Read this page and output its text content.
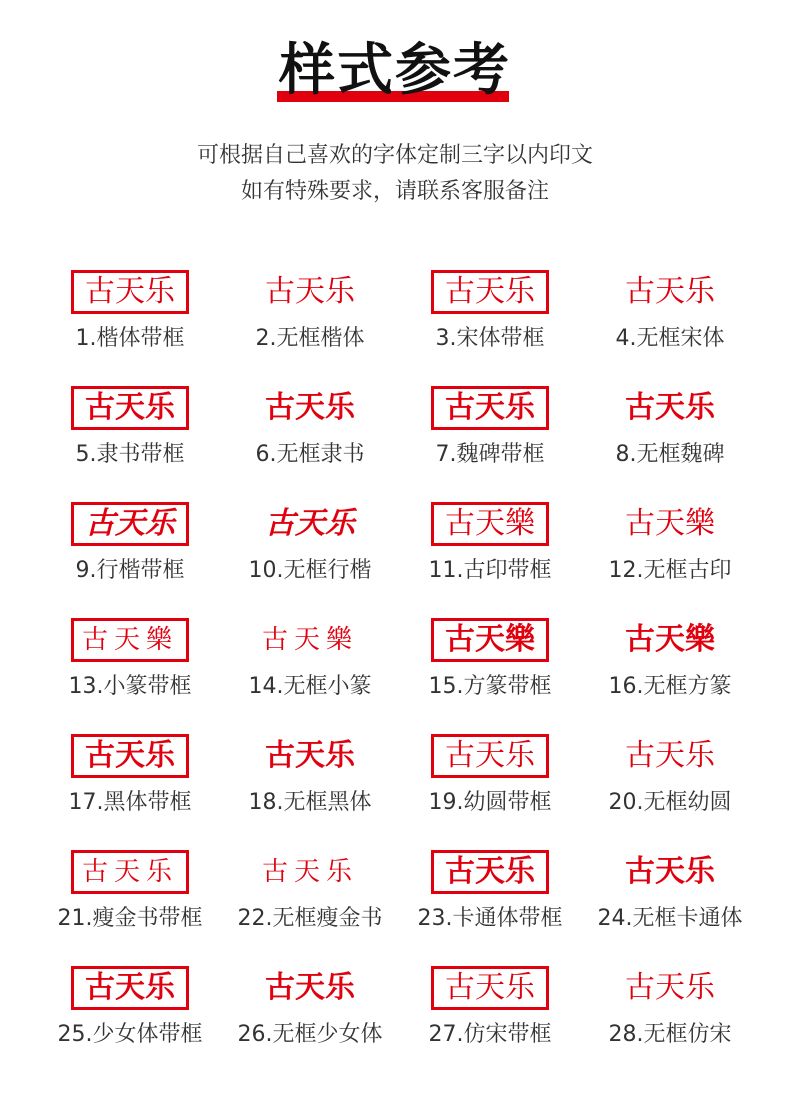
样式参考
可根据自己喜欢的字体定制三字以内印文
如有特殊要求，请联系客服备注
古天乐
1.楷体带框
古天乐
2.无框楷体
古天乐
3.宋体带框
古天乐
4.无框宋体
古天乐
5.隶书带框
古天乐
6.无框隶书
古天乐
7.魏碑带框
古天乐
8.无框魏碑
古天乐
9.行楷带框
古天乐
10.无框行楷
古天樂
11.古印带框
古天樂
12.无框古印
古天樂
13.小篆带框
古天樂
14.无框小篆
古天樂
15.方篆带框
古天樂
16.无框方篆
古天乐
17.黑体带框
古天乐
18.无框黑体
古天乐
19.幼圆带框
古天乐
20.无框幼圆
古天乐
21.瘦金书带框
古天乐
22.无框瘦金书
古天乐
23.卡通体带框
古天乐
24.无框卡通体
古天乐
25.少女体带框
古天乐
26.无框少女体
古天乐
27.仿宋带框
古天乐
28.无框仿宋
